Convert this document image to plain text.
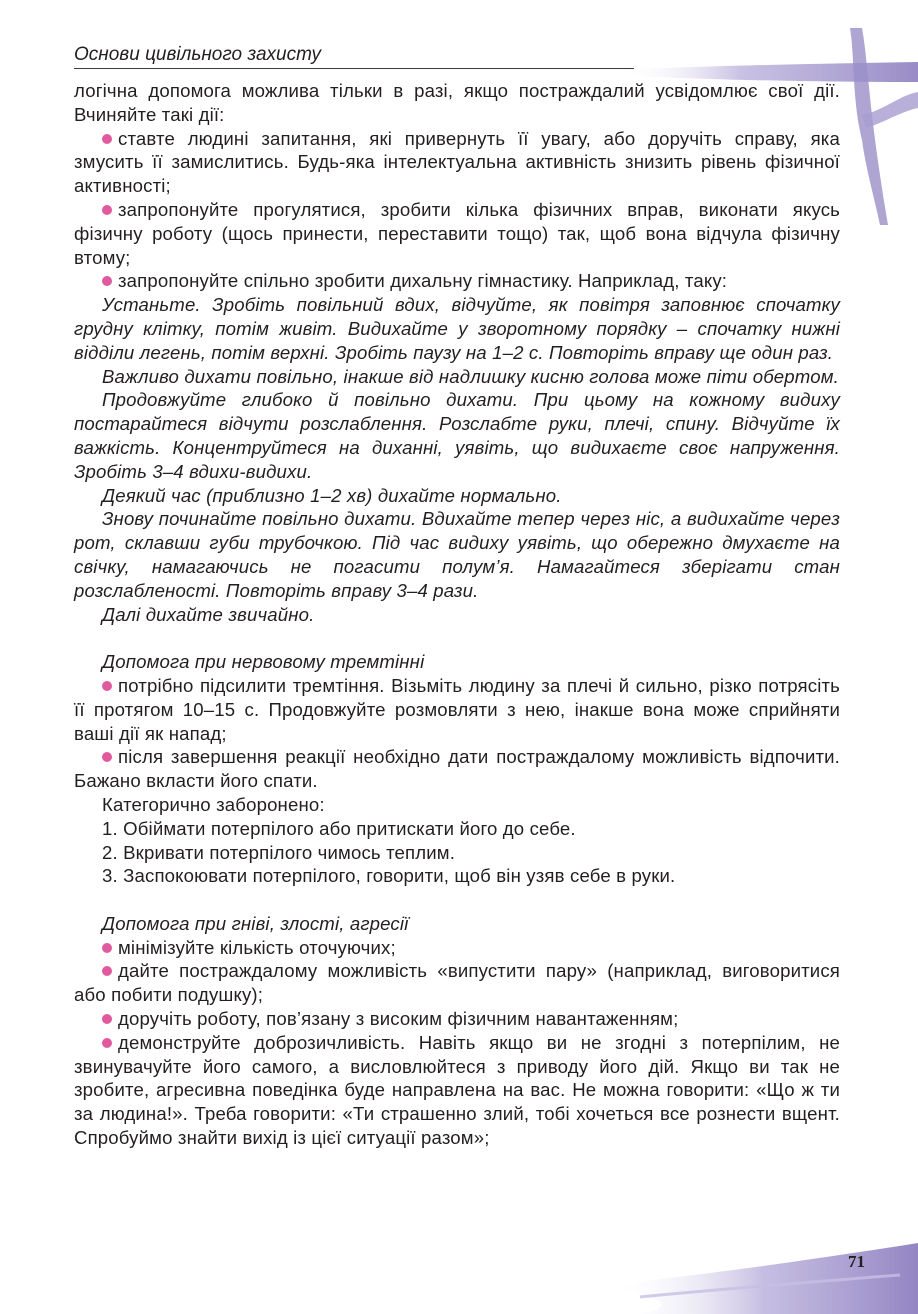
Основи цивільного захисту
71

логічна допомога можлива тільки в разі, якщо постраждалий усвідомлює свої дії. Вчиняйте такі дії:

ставте людині запитання, які привернуть її увагу, або доручіть справу, яка змусить її замислитись. Будь-яка інтелектуальна активність знизить рівень фізичної активності;

запропонуйте прогулятися, зробити кілька фізичних вправ, виконати якусь фізичну роботу (щось принести, переставити тощо) так, щоб вона відчула фізичну втому;

запропонуйте спільно зробити дихальну гімнастику. Наприклад, таку:

Устаньте. Зробіть повільний вдих, відчуйте, як повітря заповнює спочатку грудну клітку, потім живіт. Видихайте у зворотному порядку – спочатку нижні відділи легень, потім верхні. Зробіть паузу на 1–2 с. Повторіть вправу ще один раз.

Важливо дихати повільно, інакше від надлишку кисню голова може піти обертом.

Продовжуйте глибоко й повільно дихати. При цьому на кожному видиху постарайтеся відчути розслаблення. Розслабте руки, плечі, спину. Відчуйте їх важкість. Концентруйтеся на диханні, уявіть, що видихаєте своє напруження. Зробіть 3–4 вдихи-видихи.

Деякий час (приблизно 1–2 хв) дихайте нормально.

Знову починайте повільно дихати. Вдихайте тепер через ніс, а видихайте через рот, склавши губи трубочкою. Під час видиху уявіть, що обережно дмухаєте на свічку, намагаючись не погасити полум’я. Намагайтеся зберігати стан розслабленості. Повторіть вправу 3–4 рази.

Далі дихайте звичайно.

Допомога при нервовому тремтінні

потрібно підсилити тремтіння. Візьміть людину за плечі й сильно, різко потрясіть її протягом 10–15 с. Продовжуйте розмовляти з нею, інакше вона може сприйняти ваші дії як напад;

після завершення реакції необхідно дати постраждалому можливість відпочити. Бажано вкласти його спати.

Категорично заборонено:

1. Обіймати потерпілого або притискати його до себе.

2. Вкривати потерпілого чимось теплим.

3. Заспокоювати потерпілого, говорити, щоб він узяв себе в руки.

Допомога при гніві, злості, агресії

мінімізуйте кількість оточуючих;

дайте постраждалому можливість «випустити пару» (наприклад, виговоритися або побити подушку);

доручіть роботу, пов’язану з високим фізичним навантаженням;

демонструйте доброзичливість. Навіть якщо ви не згодні з потерпілим, не звинувачуйте його самого, а висловлюйтеся з приводу його дій. Якщо ви так не зробите, агресивна поведінка буде направлена на вас. Не можна говорити: «Що ж ти за людина!». Треба говорити: «Ти страшенно злий, тобі хочеться все рознести вщент. Спробуймо знайти вихід із цієї ситуації разом»;
